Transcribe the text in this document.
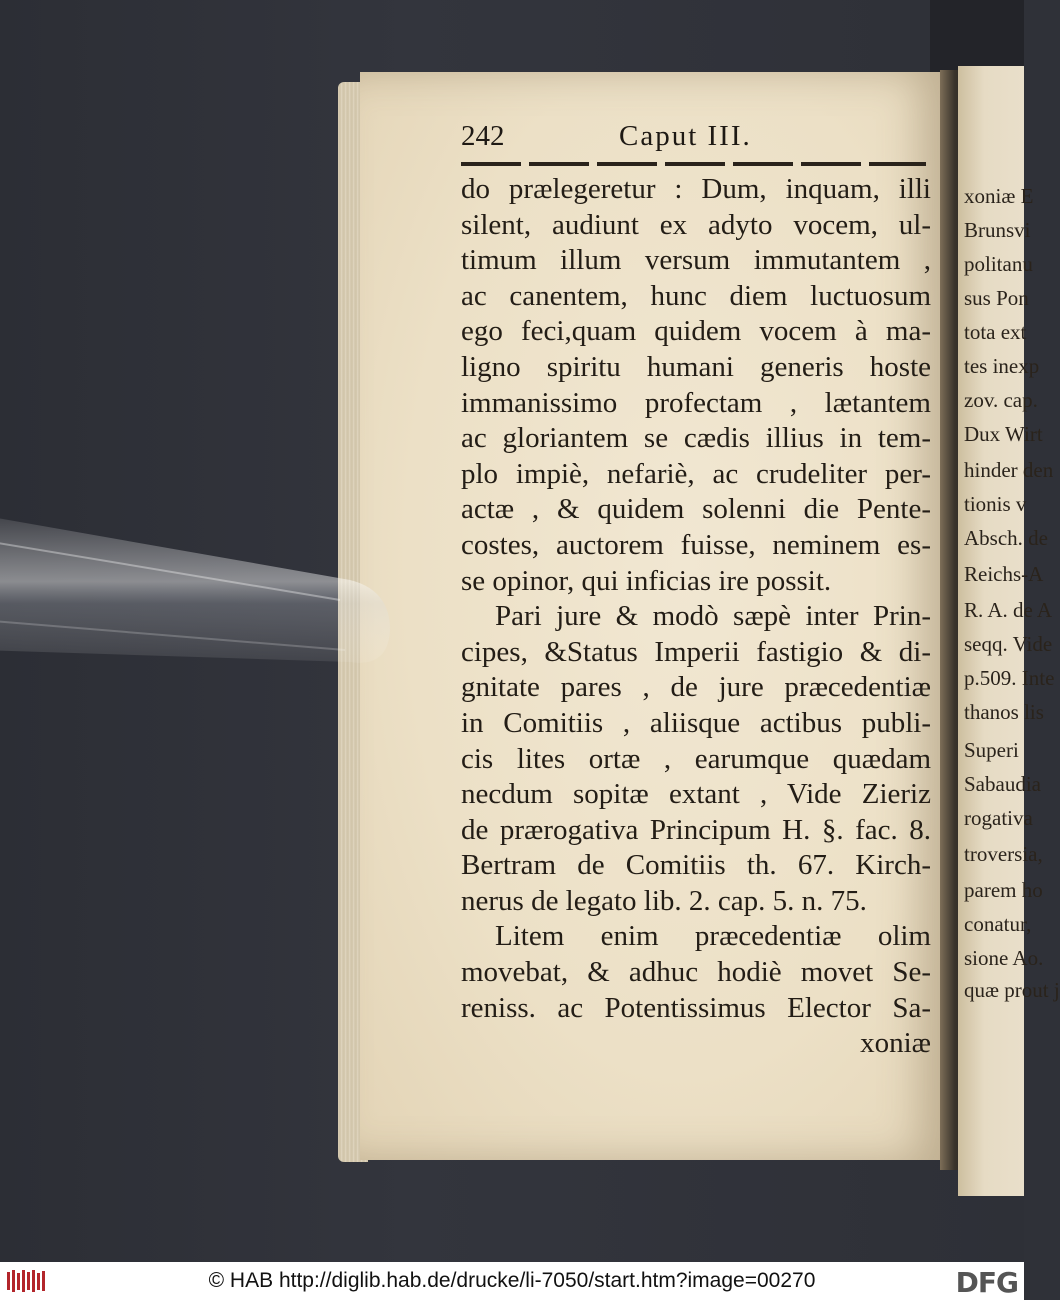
xoniæ E
Brunsvi
politanu
sus Pon
tota ext
tes inexp
zov. cap.
Dux Wirt
hinder den
tionis v
Absch. de
Reichs-A
R. A. de A
seqq. Vide
p.509. Inte
thanos lis
Superi
Sabaudia
rogativa
troversia,
parem ho
conatur,
sione Ao.
quæ prout j
242	Caput III.
do prælegeretur : Dum, inquam, illi
silent, audiunt ex adyto vocem, ul-
timum illum versum immutantem ,
ac canentem, hunc diem luctuosum
ego feci,quam quidem vocem à ma-
ligno spiritu humani generis hoste
immanissimo profectam , lætantem
ac gloriantem se cædis illius in tem-
plo impiè, nefariè, ac crudeliter per-
actæ , & quidem solenni die Pente-
costes, auctorem fuisse, neminem es-
se opinor, qui inficias ire possit.
Pari jure & modò sæpè inter Prin-
cipes, &Status Imperii fastigio & di-
gnitate pares , de jure præcedentiæ
in Comitiis , aliisque actibus publi-
cis lites ortæ , earumque quædam
necdum sopitæ extant , Vide Zieriz
de prærogativa Principum H. §. fac. 8.
Bertram de Comitiis th. 67. Kirch-
nerus de legato lib. 2. cap. 5. n. 75.
Litem enim præcedentiæ olim
movebat, & adhuc hodiè movet Se-
reniss. ac Potentissimus Elector Sa-
xoniæ
© HAB http://diglib.hab.de/drucke/li-7050/start.htm?image=00270	DFG
